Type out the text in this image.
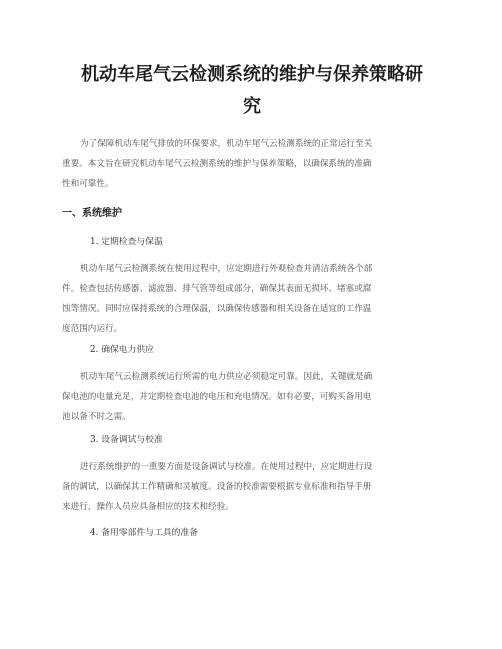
机动车尾气云检测系统的维护与保养策略研
究
为了保障机动车尾气排放的环保要求，机动车尾气云检测系统的正常运行至关
重要。本文旨在研究机动车尾气云检测系统的维护与保养策略，以确保系统的准确
性和可靠性。
一、系统维护
1. 定期检查与保温
机动车尾气云检测系统在使用过程中，应定期进行外观检查并清洁系统各个部
件。检查包括传感器、滤波器、排气管等组成部分，确保其表面无损坏、堵塞或腐
蚀等情况。同时应保持系统的合理保温，以确保传感器和相关设备在适宜的工作温
度范围内运行。
2. 确保电力供应
机动车尾气云检测系统运行所需的电力供应必须稳定可靠。因此，关键就是确
保电池的电量充足，并定期检查电池的电压和充电情况。如有必要，可购买备用电
池以备不时之需。
3. 设备调试与校准
进行系统维护的一重要方面是设备调试与校准。在使用过程中，应定期进行设
备的调试，以确保其工作精确和灵敏度。设备的校准需要根据专业标准和指导手册
来进行，操作人员应具备相应的技术和经验。
4. 备用零部件与工具的准备
